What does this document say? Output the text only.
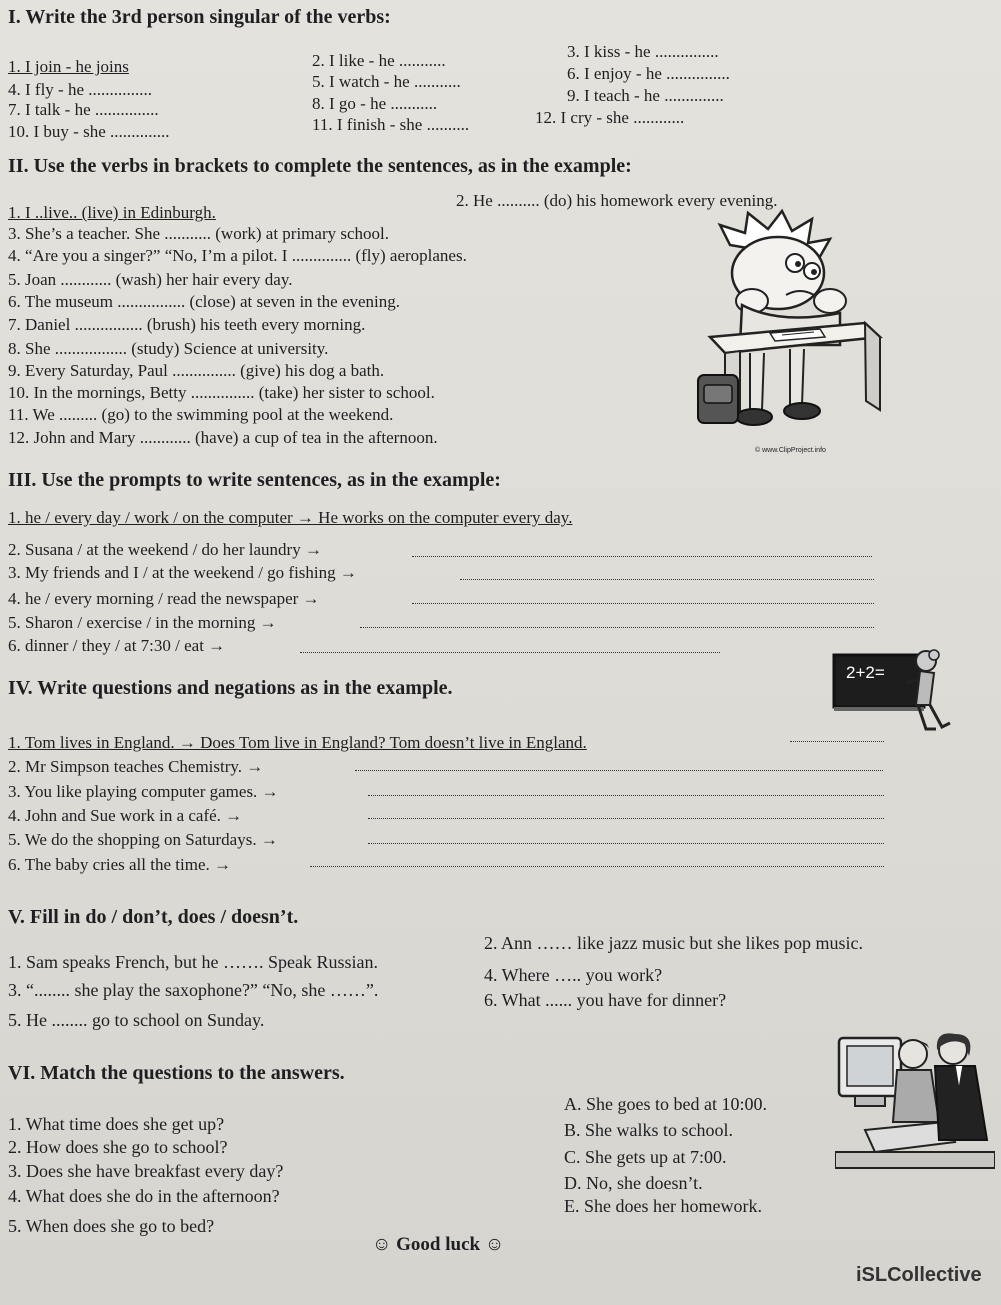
I. Write the 3rd person singular of the verbs:
1. I join - he joins	2. I like - he ...........	3. I kiss - he ...............
4. I fly - he ...............	5. I watch - he ...........	6. I enjoy - he ...............
7. I talk - he ...............	8. I go - he ...........	9. I teach - he ..............
10. I buy - she ..............	11. I finish - she ..........	12. I cry - she ............
II. Use the verbs in brackets to complete the sentences, as in the example:
1. I ..live.. (live) in Edinburgh.
2. He .......... (do) his homework every evening.
3. She’s a teacher. She ........... (work) at primary school.
4. “Are you a singer?” “No, I’m a pilot. I .............. (fly) aeroplanes.
5. Joan ............ (wash) her hair every day.
6. The museum ................ (close) at seven in the evening.
7. Daniel ................ (brush) his teeth every morning.
8. She ................. (study) Science at university.
9. Every Saturday, Paul ............... (give) his dog a bath.
10. In the mornings, Betty ............... (take) her sister to school.
11. We ......... (go) to the swimming pool at the weekend.
12. John and Mary ............ (have) a cup of tea in the afternoon.
© www.ClipProject.info
III. Use the prompts to write sentences, as in the example:
1. he / every day / work / on the computer → He works on the computer every day.
2. Susana / at the weekend / do her laundry →
3. My friends and I / at the weekend / go fishing →
4. he / every morning / read the newspaper →
5. Sharon / exercise / in the morning →
6. dinner / they / at 7:30 / eat →
2+2=
IV. Write questions and negations as in the example.
1. Tom lives in England. → Does Tom live in England? Tom doesn’t live in England.
2. Mr Simpson teaches Chemistry. →
3. You like playing computer games. →
4. John and Sue work in a café. →
5. We do the shopping on Saturdays. →
6. The baby cries all the time. →
V. Fill in do / don’t, does / doesn’t.
1. Sam speaks French, but he ……. Speak Russian.
2. Ann …… like jazz music but she likes pop music.
3. “........ she play the saxophone?” “No, she ……”.
4. Where ….. you work?
5. He ........ go to school on Sunday.
6. What ...... you have for dinner?
VI. Match the questions to the answers.
1. What time does she get up?
2. How does she go to school?
3. Does she have breakfast every day?
4. What does she do in the afternoon?
5. When does she go to bed?
A. She goes to bed at 10:00.
B. She walks to school.
C. She gets up at 7:00.
D. No, she doesn’t.
E. She does her homework.
☺ Good luck ☺
iSLCollective
